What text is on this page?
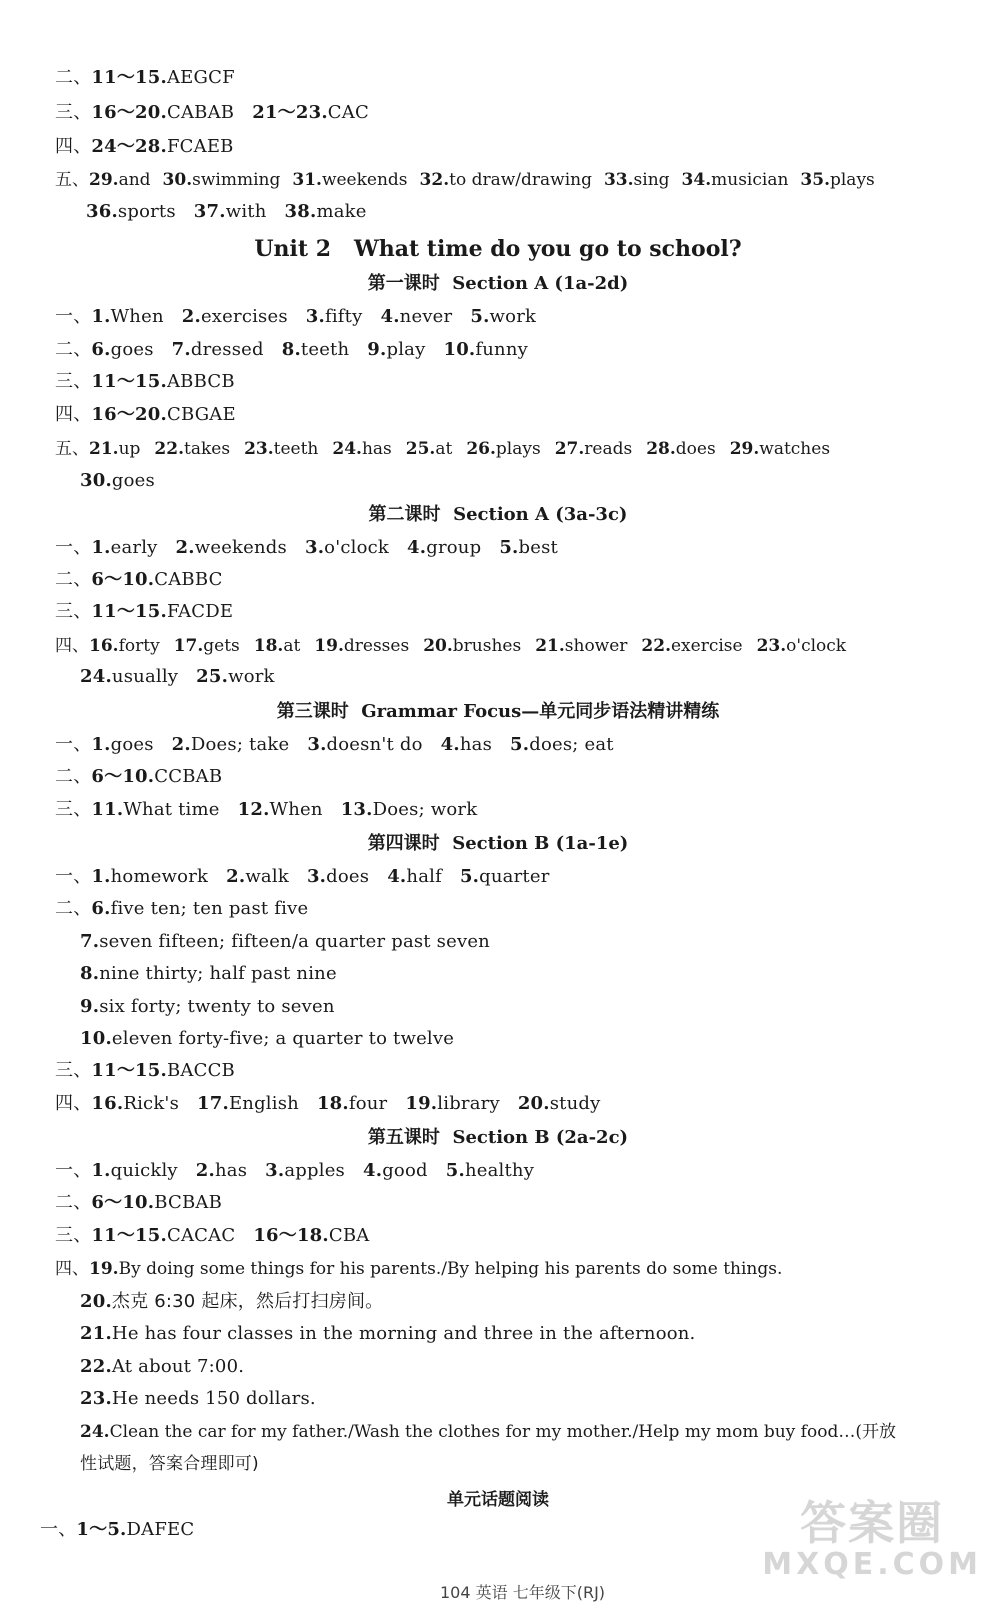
二、11～15.AEGCF
三、16～20.CABAB 21～23.CAC
四、24～28.FCAEB
五、29.and 30.swimming 31.weekends 32.to draw/drawing 33.sing 34.musician 35.plays
36.sports 37.with 38.make
Unit 2 What time do you go to school?
第一课时 Section A (1a-2d)
一、1.When 2.exercises 3.fifty 4.never 5.work
二、6.goes 7.dressed 8.teeth 9.play 10.funny
三、11～15.ABBCB
四、16～20.CBGAE
五、21.up 22.takes 23.teeth 24.has 25.at 26.plays 27.reads 28.does 29.watches
30.goes
第二课时 Section A (3a-3c)
一、1.early 2.weekends 3.o'clock 4.group 5.best
二、6～10.CABBC
三、11～15.FACDE
四、16.forty 17.gets 18.at 19.dresses 20.brushes 21.shower 22.exercise 23.o'clock
24.usually 25.work
第三课时 Grammar Focus—单元同步语法精讲精练
一、1.goes 2.Does; take 3.doesn't do 4.has 5.does; eat
二、6～10.CCBAB
三、11.What time 12.When 13.Does; work
第四课时 Section B (1a-1e)
一、1.homework 2.walk 3.does 4.half 5.quarter
二、6.five ten; ten past five
7.seven fifteen; fifteen/a quarter past seven
8.nine thirty; half past nine
9.six forty; twenty to seven
10.eleven forty-five; a quarter to twelve
三、11～15.BACCB
四、16.Rick's 17.English 18.four 19.library 20.study
第五课时 Section B (2a-2c)
一、1.quickly 2.has 3.apples 4.good 5.healthy
二、6～10.BCBAB
三、11～15.CACAC 16～18.CBA
四、19.By doing some things for his parents./By helping his parents do some things.
20.杰克 6:30 起床，然后打扫房间。
21.He has four classes in the morning and three in the afternoon.
22.At about 7:00.
23.He needs 150 dollars.
24.Clean the car for my father./Wash the clothes for my mother./Help my mom buy food…(开放
性试题，答案合理即可)
单元话题阅读
一、1～5.DAFEC	答案圈
MXQE.COM
104 英语 七年级下(RJ)
